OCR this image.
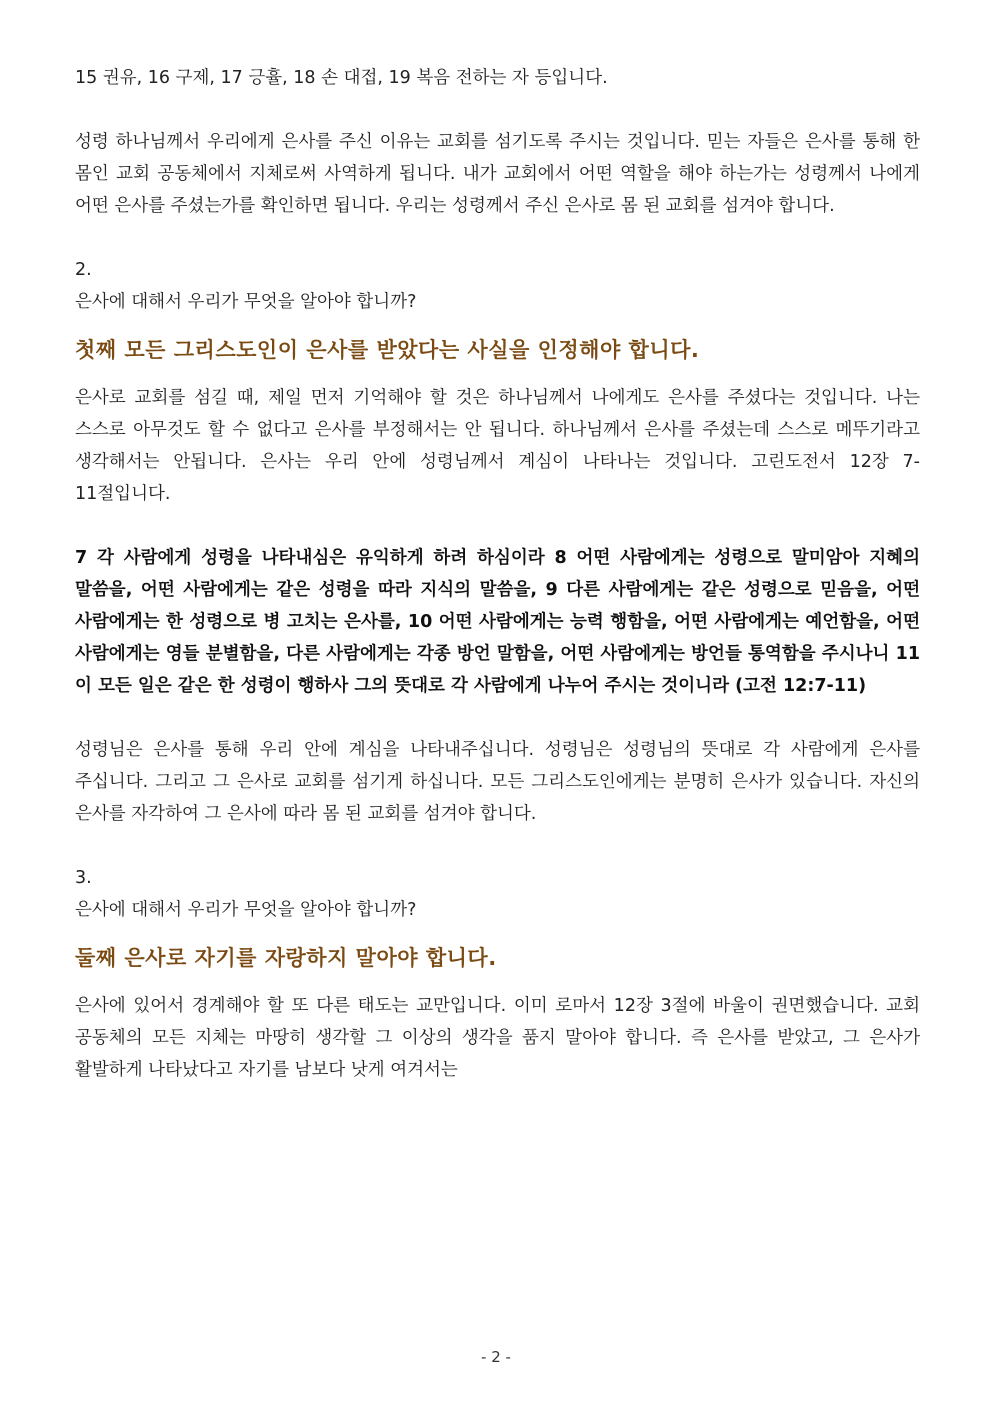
15 권유, 16 구제, 17 긍휼, 18 손 대접, 19 복음 전하는 자 등입니다.

성령 하나님께서 우리에게 은사를 주신 이유는 교회를 섬기도록 주시는 것입니다. 믿는 자들은 은사를 통해 한 몸인 교회 공동체에서 지체로써 사역하게 됩니다. 내가 교회에서 어떤 역할을 해야 하는가는 성령께서 나에게 어떤 은사를 주셨는가를 확인하면 됩니다. 우리는 성령께서 주신 은사로 몸 된 교회를 섬겨야 합니다.

2.

은사에 대해서 우리가 무엇을 알아야 합니까?

첫째 모든 그리스도인이 은사를 받았다는 사실을 인정해야 합니다.

은사로 교회를 섬길 때, 제일 먼저 기억해야 할 것은 하나님께서 나에게도 은사를 주셨다는 것입니다. 나는 스스로 아무것도 할 수 없다고 은사를 부정해서는 안 됩니다. 하나님께서 은사를 주셨는데 스스로 메뚜기라고 생각해서는 안됩니다. 은사는 우리 안에 성령님께서 계심이 나타나는 것입니다. 고린도전서 12장 7-11절입니다.

7 각 사람에게 성령을 나타내심은 유익하게 하려 하심이라 8 어떤 사람에게는 성령으로 말미암아 지혜의 말씀을, 어떤 사람에게는 같은 성령을 따라 지식의 말씀을, 9 다른 사람에게는 같은 성령으로 믿음을, 어떤 사람에게는 한 성령으로 병 고치는 은사를, 10 어떤 사람에게는 능력 행함을, 어떤 사람에게는 예언함을, 어떤 사람에게는 영들 분별함을, 다른 사람에게는 각종 방언 말함을, 어떤 사람에게는 방언들 통역함을 주시나니 11 이 모든 일은 같은 한 성령이 행하사 그의 뜻대로 각 사람에게 나누어 주시는 것이니라 (고전 12:7-11)

성령님은 은사를 통해 우리 안에 계심을 나타내주십니다. 성령님은 성령님의 뜻대로 각 사람에게 은사를 주십니다. 그리고 그 은사로 교회를 섬기게 하십니다. 모든 그리스도인에게는 분명히 은사가 있습니다. 자신의 은사를 자각하여 그 은사에 따라 몸 된 교회를 섬겨야 합니다.

3.

은사에 대해서 우리가 무엇을 알아야 합니까?

둘째 은사로 자기를 자랑하지 말아야 합니다.

은사에 있어서 경계해야 할 또 다른 태도는 교만입니다. 이미 로마서 12장 3절에 바울이 권면했습니다. 교회 공동체의 모든 지체는 마땅히 생각할 그 이상의 생각을 품지 말아야 합니다. 즉 은사를 받았고, 그 은사가 활발하게 나타났다고 자기를 남보다 낫게 여겨서는

- 2 -
